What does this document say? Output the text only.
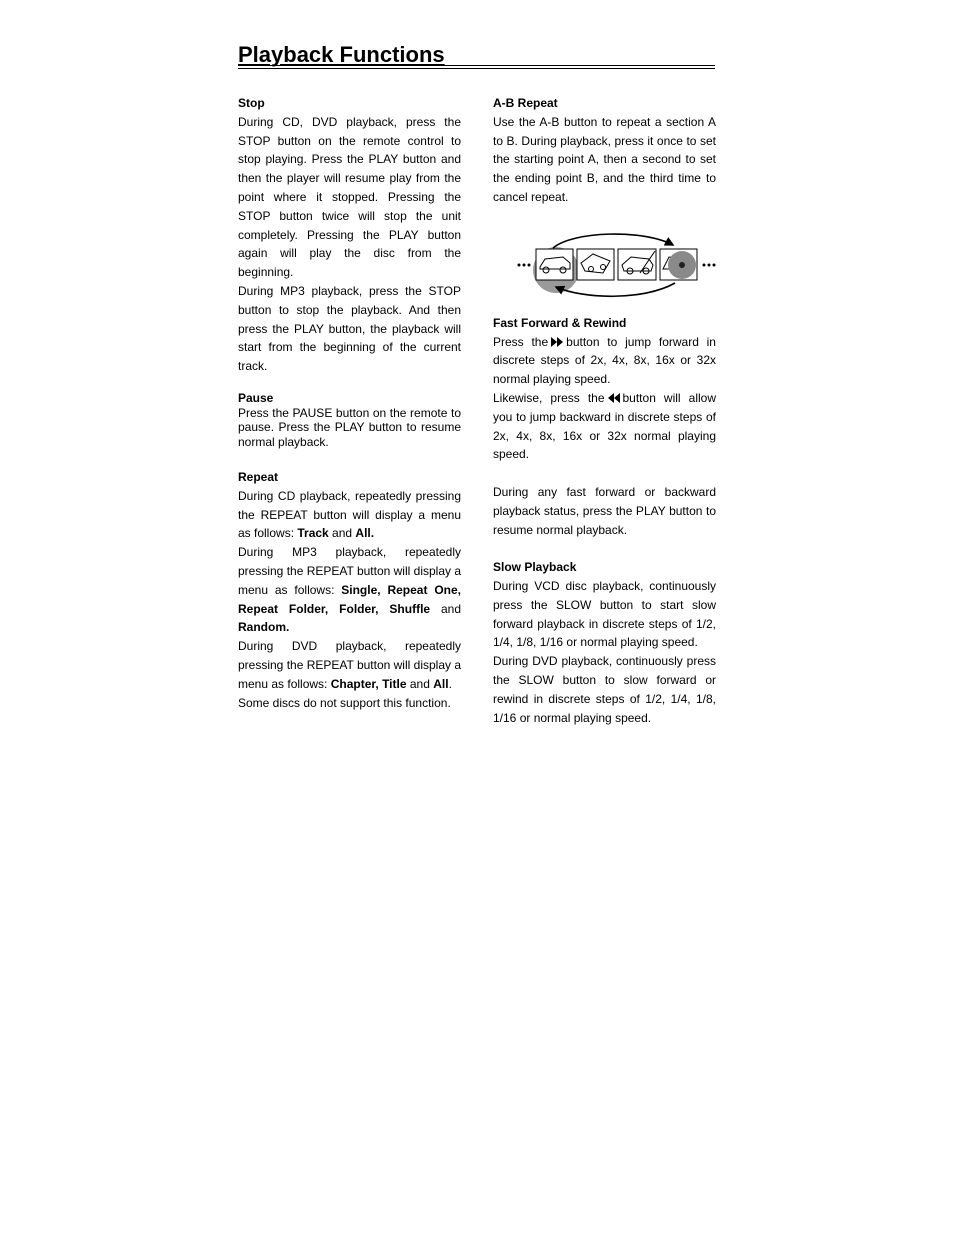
Playback Functions

Stop

During CD, DVD playback, press the STOP button on the remote control to stop playing. Press the PLAY button and then the player will resume play from the point where it stopped. Pressing the STOP button twice will stop the unit completely. Pressing the PLAY button again will play the disc from the beginning.

During MP3 playback, press the STOP button to stop the playback. And then press the PLAY button, the playback will start from the beginning of the current track.

Pause

Press the PAUSE button on the remote to pause. Press the PLAY button to resume normal playback.

Repeat

During CD playback, repeatedly pressing the REPEAT button will display a menu as follows: Track and All.

During MP3 playback, repeatedly pressing the REPEAT button will display a menu as follows: Single, Repeat One, Repeat Folder, Folder, Shuffle and Random.

During DVD playback, repeatedly pressing the REPEAT button will display a menu as follows: Chapter, Title and All.

Some discs do not support this function.

A-B Repeat

Use the A-B button to repeat a section A to B. During playback, press it once to set the starting point A, then a second to set the ending point B, and the third time to cancel repeat.

Fast Forward & Rewind

Press the button to jump forward in discrete steps of 2x, 4x, 8x, 16x or 32x normal playing speed.

Likewise, press the button will allow you to jump backward in discrete steps of 2x, 4x, 8x, 16x or 32x normal playing speed.

During any fast forward or backward playback status, press the PLAY button to resume normal playback.

Slow Playback

During VCD disc playback, continuously press the SLOW button to start slow forward playback in discrete steps of 1/2, 1/4, 1/8, 1/16 or normal playing speed.

During DVD playback, continuously press the SLOW button to slow forward or rewind in discrete steps of 1/2, 1/4, 1/8, 1/16 or normal playing speed.
